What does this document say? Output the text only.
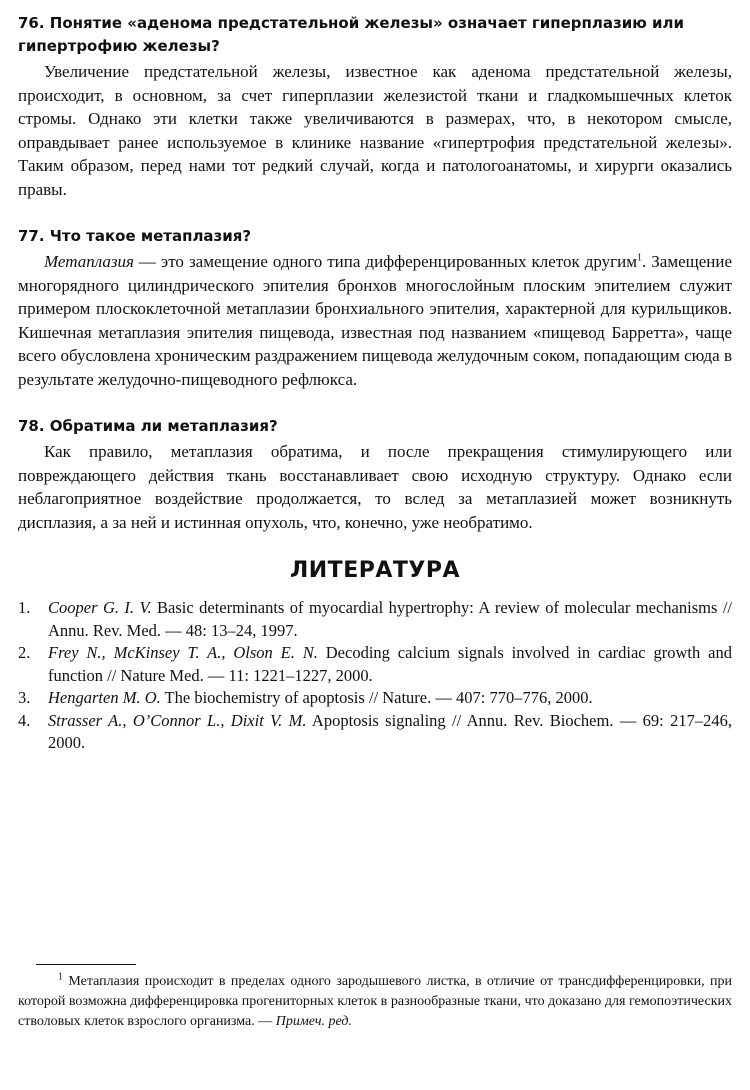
76. Понятие «аденома предстательной железы» означает гиперплазию или гипертрофию железы?

Увеличение предстательной железы, известное как аденома предстательной железы, происходит, в основном, за счет гиперплазии железистой ткани и гладкомышечных клеток стромы. Однако эти клетки также увеличиваются в размерах, что, в некотором смысле, оправдывает ранее используемое в клинике название «гипертрофия предстательной железы». Таким образом, перед нами тот редкий случай, когда и патологоанатомы, и хирурги оказались правы.

77. Что такое метаплазия?

Метаплазия — это замещение одного типа дифференцированных клеток другим$^1$. Замещение многорядного цилиндрического эпителия бронхов многослойным плоским эпителием служит примером плоскоклеточной метаплазии бронхиального эпителия, характерной для курильщиков. Кишечная метаплазия эпителия пищевода, известная под названием «пищевод Барретта», чаще всего обусловлена хроническим раздражением пищевода желудочным соком, попадающим сюда в результате желудочно-пищеводного рефлюкса.

78. Обратима ли метаплазия?

Как правило, метаплазия обратима, и после прекращения стимулирующего или повреждающего действия ткань восстанавливает свою исходную структуру. Однако если неблагоприятное воздействие продолжается, то вслед за метаплазией может возникнуть дисплазия, а за ней и истинная опухоль, что, конечно, уже необратимо.

ЛИТЕРАТУРА
1. Cooper G. I. V. Basic determinants of myocardial hypertrophy: A review of molecular mechanisms // Annu. Rev. Med. — 48: 13–24, 1997.
2. Frey N., McKinsey T. A., Olson E. N. Decoding calcium signals involved in cardiac growth and function // Nature Med. — 11: 1221–1227, 2000.
3. Hengarten M. O. The biochemistry of apoptosis // Nature. — 407: 770–776, 2000.
4. Strasser A., O’Connor L., Dixit V. M. Apoptosis signaling // Annu. Rev. Biochem. — 69: 217–246, 2000.
$^1$ Метаплазия происходит в пределах одного зародышевого листка, в отличие от трансдифференцировки, при которой возможна дифференцировка прогениторных клеток в разнообразные ткани, что доказано для гемопоэтических стволовых клеток взрослого организма. — Примеч. ред.
